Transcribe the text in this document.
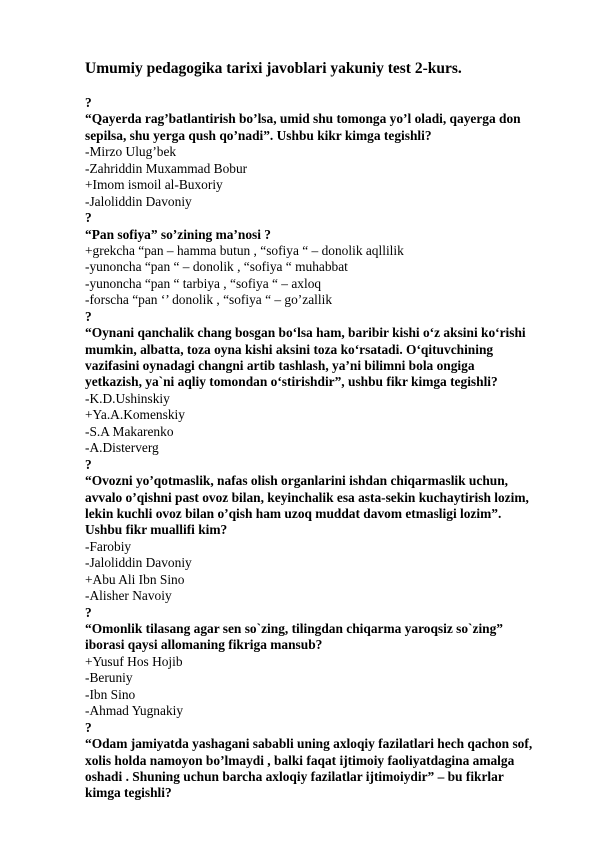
Umumiy pedagogika tarixi javoblari yakuniy test 2-kurs.
?
“Qayerda rag’batlantirish bo’lsa, umid shu tomonga yo’l oladi, qayerga don
sepilsa, shu yerga qush qo’nadi”. Ushbu kikr kimga tegishli?
-Mirzo Ulug’bek
-Zahriddin Muxammad Bobur
+Imom ismoil al-Buxoriy
-Jaloliddin Davoniy
?
“Pan sofiya” so’zining ma’nosi ?
+grekcha “pan – hamma butun , “sofiya “ – donolik aqllilik
-yunoncha “pan “ – donolik , “sofiya “ muhabbat
-yunoncha “pan “ tarbiya , “sofiya “ – axloq
-forscha “pan ‘’ donolik , “sofiya “ – go’zallik
?
“Oynani qanchalik chang bosgan bo‘lsa ham, baribir kishi o‘z aksini ko‘rishi
mumkin, albatta, toza oyna kishi aksini toza ko‘rsatadi. O‘qituvchining
vazifasini oynadagi changni artib tashlash, ya’ni bilimni bola ongiga
yetkazish, ya`ni aqliy tomondan o‘stirishdir”, ushbu fikr kimga tegishli?
-K.D.Ushinskiy
+Ya.A.Komenskiy
-S.A Makarenko
-A.Disterverg
?
“Ovozni yo’qotmaslik, nafas olish organlarini ishdan chiqarmaslik uchun,
avvalo o’qishni past ovoz bilan, keyinchalik esa asta-sekin kuchaytirish lozim,
lekin kuchli ovoz bilan o’qish ham uzoq muddat davom etmasligi lozim”.
Ushbu fikr muallifi kim?
-Farobiy
-Jaloliddin Davoniy
+Abu Ali Ibn Sino
-Alisher Navoiy
?
“Omonlik tilasang agar sen so`zing, tilingdan chiqarma yaroqsiz so`zing”
iborasi qaysi allomaning fikriga mansub?
+Yusuf Hos Hojib
-Beruniy
-Ibn Sino
-Ahmad Yugnakiy
?
“Odam jamiyatda yashagani sababli uning axloqiy fazilatlari hech qachon sof,
xolis holda namoyon bo’lmaydi , balki faqat ijtimoiy faoliyatdagina amalga
oshadi . Shuning uchun barcha axloqiy fazilatlar ijtimoiydir” – bu fikrlar
kimga tegishli?
